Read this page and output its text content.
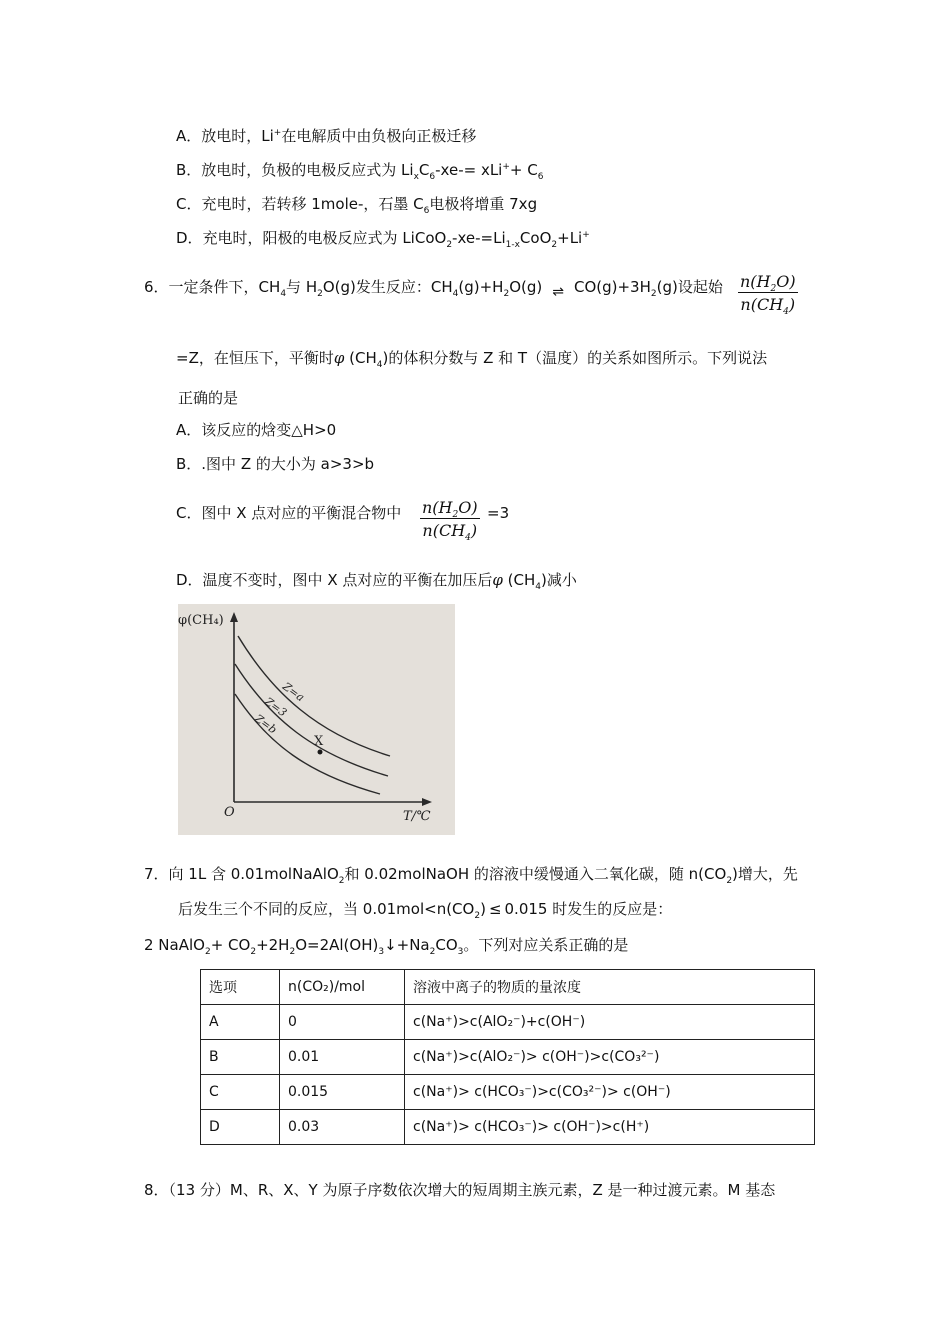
A．放电时，Li+在电解质中由负极向正极迁移
B．放电时，负极的电极反应式为 $Li_xC_6-xe-= xLi^++ C_6$
C．充电时，若转移 1mole-，石墨 $C_6$电极将增重 7xg
D．充电时，阳极的电极反应式为 $LiCoO_2-xe-=Li_{1-x}CoO_2+Li^+$
6．一定条件下，$CH_4$与 $H_2O(g)$发生反应：$CH_4(g)+H_2O(g)$ ⇌ $CO(g)+3H_2(g)$设起始 $\frac{n(H_2O)}{n(CH_4)}$
=Z，在恒压下，平衡时φ $(CH_4)$的体积分数与 Z 和 T（温度）的关系如图所示。下列说法
正确的是
A．该反应的焓变△H>0
B．.图中 Z 的大小为 a>3>b
C．图中 X 点对应的平衡混合物中 $\frac{n(H_2O)}{n(CH_4)} =3$
D．温度不变时，图中 X 点对应的平衡在加压后φ $(CH_4)$减小
φ(CH₄)
T/℃
O
Z=a
Z=3
Z=b
X
7．向 1L 含 0.01molNaAlO$_2$和 0.02molNaOH 的溶液中缓慢通入二氧化碳，随 $n(CO_2)$增大，先
后发生三个不同的反应，当 $0.01mol<n(CO_2) \le 0.015$ 时发生的反应是：
2 NaAlO$_2$+ $CO_2+2H_2O=2Al(OH)_3↓+Na_2CO_3$。下列对应关系正确的是
选项	n(CO₂)/mol	溶液中离子的物质的量浓度
A	0	c(Na⁺)>c(AlO₂⁻)+c(OH⁻)
B	0.01	c(Na⁺)>c(AlO₂⁻)> c(OH⁻)>c(CO₃²⁻)
C	0.015	c(Na⁺)> c(HCO₃⁻)>c(CO₃²⁻)> c(OH⁻)
D	0.03	c(Na⁺)> c(HCO₃⁻)> c(OH⁻)>c(H⁺)
8．（13 分）M、R、X、Y 为原子序数依次增大的短周期主族元素，Z 是一种过渡元素。M 基态
